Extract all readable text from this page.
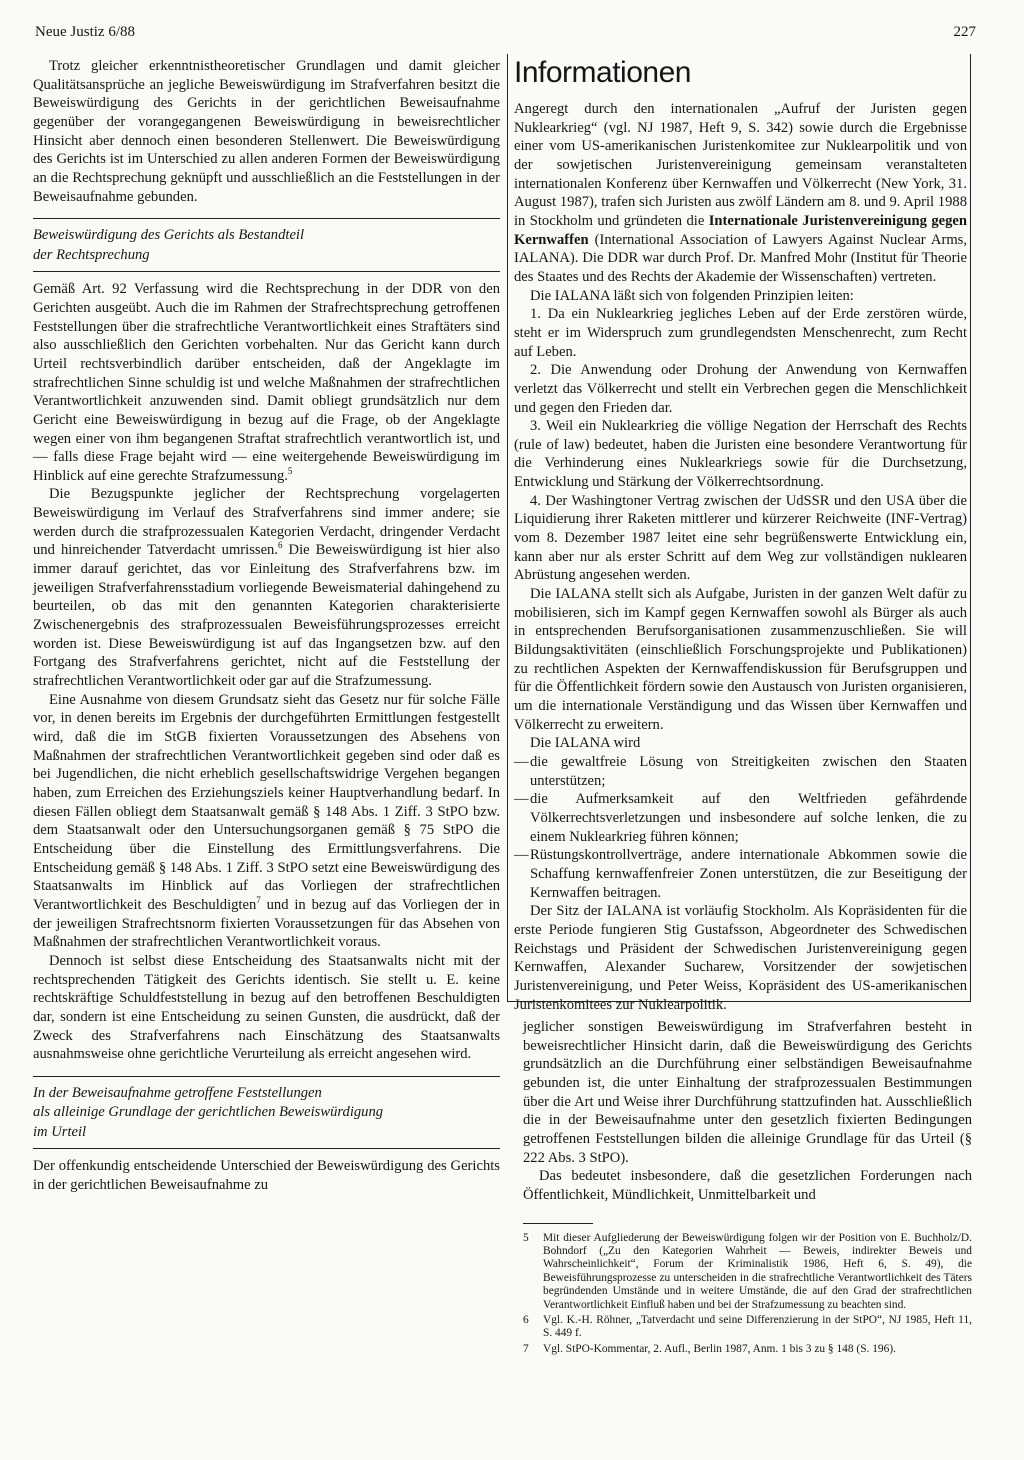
Neue Justiz 6/88	227

Trotz gleicher erkenntnistheoretischer Grundlagen und damit gleicher Qualitätsansprüche an jegliche Beweiswürdigung im Strafverfahren besitzt die Beweiswürdigung des Gerichts in der gerichtlichen Beweisaufnahme gegenüber der vorangegangenen Beweiswürdigung in beweisrechtlicher Hinsicht aber dennoch einen besonderen Stellenwert. Die Beweiswürdigung des Gerichts ist im Unterschied zu allen anderen Formen der Beweiswürdigung an die Rechtsprechung geknüpft und ausschließlich an die Feststellungen in der Beweisaufnahme gebunden.

Beweiswürdigung des Gerichts als Bestandteil
der Rechtsprechung

Gemäß Art. 92 Verfassung wird die Rechtsprechung in der DDR von den Gerichten ausgeübt. Auch die im Rahmen der Strafrechtsprechung getroffenen Feststellungen über die strafrechtliche Verantwortlichkeit eines Straftäters sind also ausschließlich den Gerichten vorbehalten. Nur das Gericht kann durch Urteil rechtsverbindlich darüber entscheiden, daß der Angeklagte im strafrechtlichen Sinne schuldig ist und welche Maßnahmen der strafrechtlichen Verantwortlichkeit anzuwenden sind. Damit obliegt grundsätzlich nur dem Gericht eine Beweiswürdigung in bezug auf die Frage, ob der Angeklagte wegen einer von ihm begangenen Straftat strafrechtlich verantwortlich ist, und — falls diese Frage bejaht wird — eine weitergehende Beweiswürdigung im Hinblick auf eine gerechte Strafzumessung.

$^5$

Die Bezugspunkte jeglicher der Rechtsprechung vorgelagerten Beweiswürdigung im Verlauf des Strafverfahrens sind immer andere; sie werden durch die strafprozessualen Kategorien Verdacht, dringender Verdacht und hinreichender Tatverdacht umrissen.$^6$ Die Beweiswürdigung ist hier also immer darauf gerichtet, das vor Einleitung des Strafverfahrens bzw. im jeweiligen Strafverfahrensstadium vorliegende Beweismaterial dahingehend zu beurteilen, ob das mit den genannten Kategorien charakterisierte Zwischenergebnis des strafprozessualen Beweisführungsprozesses erreicht worden ist. Diese Beweiswürdigung ist auf das Ingangsetzen bzw. auf den Fortgang des Strafverfahrens gerichtet, nicht auf die Feststellung der strafrechtlichen Verantwortlichkeit oder gar auf die Strafzumessung.

Eine Ausnahme von diesem Grundsatz sieht das Gesetz nur für solche Fälle vor, in denen bereits im Ergebnis der durchgeführten Ermittlungen festgestellt wird, daß die im StGB fixierten Voraussetzungen des Absehens von Maßnahmen der strafrechtlichen Verantwortlichkeit gegeben sind oder daß es bei Jugendlichen, die nicht erheblich gesellschaftswidrige Vergehen begangen haben, zum Erreichen des Erziehungsziels keiner Hauptverhandlung bedarf. In diesen Fällen obliegt dem Staatsanwalt gemäß § 148 Abs. 1 Ziff. 3 StPO bzw. dem Staatsanwalt oder den Untersuchungsorganen gemäß § 75 StPO die Entscheidung über die Einstellung des Ermittlungsverfahrens. Die Entscheidung gemäß § 148 Abs. 1 Ziff. 3 StPO setzt eine Beweiswürdigung des Staatsanwalts im Hinblick auf das Vorliegen der strafrechtlichen Verantwortlichkeit des Beschuldigten$^7$ und in bezug auf das Vorliegen der in der jeweiligen Strafrechtsnorm fixierten Voraussetzungen für das Absehen von Maßnahmen der strafrechtlichen Verantwortlichkeit voraus.

Dennoch ist selbst diese Entscheidung des Staatsanwalts nicht mit der rechtsprechenden Tätigkeit des Gerichts identisch. Sie stellt u. E. keine rechtskräftige Schuldfeststellung in bezug auf den betroffenen Beschuldigten dar, sondern ist eine Entscheidung zu seinen Gunsten, die ausdrückt, daß der Zweck des Strafverfahrens nach Einschätzung des Staatsanwalts ausnahmsweise ohne gerichtliche Verurteilung als erreicht angesehen wird.

In der Beweisaufnahme getroffene Feststellungen
als alleinige Grundlage der gerichtlichen Beweiswürdigung
im Urteil

Der offenkundig entscheidende Unterschied der Beweiswürdigung des Gerichts in der gerichtlichen Beweisaufnahme zu

Informationen

Angeregt durch den internationalen „Aufruf der Juristen gegen Nuklearkrieg“ (vgl. NJ 1987, Heft 9, S. 342) sowie durch die Ergebnisse einer vom US-amerikanischen Juristenkomitee zur Nuklearpolitik und von der sowjetischen Juristenvereinigung gemeinsam veranstalteten internationalen Konferenz über Kernwaffen und Völkerrecht (New York, 31. August 1987), trafen sich Juristen aus zwölf Ländern am 8. und 9. April 1988 in Stockholm und gründeten die Internationale Juristenvereinigung gegen Kernwaffen (International Association of Lawyers Against Nuclear Arms, IALANA). Die DDR war durch Prof. Dr. Manfred Mohr (Institut für Theorie des Staates und des Rechts der Akademie der Wissenschaften) vertreten.

Die IALANA läßt sich von folgenden Prinzipien leiten:

1. Da ein Nuklearkrieg jegliches Leben auf der Erde zerstören würde, steht er im Widerspruch zum grundlegendsten Menschenrecht, zum Recht auf Leben.

2. Die Anwendung oder Drohung der Anwendung von Kernwaffen verletzt das Völkerrecht und stellt ein Verbrechen gegen die Menschlichkeit und gegen den Frieden dar.

3. Weil ein Nuklearkrieg die völlige Negation der Herrschaft des Rechts (rule of law) bedeutet, haben die Juristen eine besondere Verantwortung für die Verhinderung eines Nuklearkriegs sowie für die Durchsetzung, Entwicklung und Stärkung der Völkerrechtsordnung.

4. Der Washingtoner Vertrag zwischen der UdSSR und den USA über die Liquidierung ihrer Raketen mittlerer und kürzerer Reichweite (INF-Vertrag) vom 8. Dezember 1987 leitet eine sehr begrüßenswerte Entwicklung ein, kann aber nur als erster Schritt auf dem Weg zur vollständigen nuklearen Abrüstung angesehen werden.

Die IALANA stellt sich als Aufgabe, Juristen in der ganzen Welt dafür zu mobilisieren, sich im Kampf gegen Kernwaffen sowohl als Bürger als auch in entsprechenden Berufsorganisationen zusammenzuschließen. Sie will Bildungsaktivitäten (einschließlich Forschungsprojekte und Publikationen) zu rechtlichen Aspekten der Kernwaffendiskussion für Berufsgruppen und für die Öffentlichkeit fördern sowie den Austausch von Juristen organisieren, um die internationale Verständigung und das Wissen über Kernwaffen und Völkerrecht zu erweitern.

Die IALANA wird

— die gewaltfreie Lösung von Streitigkeiten zwischen den Staaten unterstützen;
— die Aufmerksamkeit auf den Weltfrieden gefährdende Völkerrechtsverletzungen und insbesondere auf solche lenken, die zu einem Nuklearkrieg führen können;
— Rüstungskontrollverträge, andere internationale Abkommen sowie die Schaffung kernwaffenfreier Zonen unterstützen, die zur Beseitigung der Kernwaffen beitragen.

Der Sitz der IALANA ist vorläufig Stockholm. Als Kopräsidenten für die erste Periode fungieren Stig Gustafsson, Abgeordneter des Schwedischen Reichstags und Präsident der Schwedischen Juristenvereinigung gegen Kernwaffen, Alexander Sucharew, Vorsitzender der sowjetischen Juristenvereinigung, und Peter Weiss, Kopräsident des US-amerikanischen Juristenkomitees zur Nuklearpolitik.

jeglicher sonstigen Beweiswürdigung im Strafverfahren besteht in beweisrechtlicher Hinsicht darin, daß die Beweiswürdigung des Gerichts grundsätzlich an die Durchführung einer selbständigen Beweisaufnahme gebunden ist, die unter Einhaltung der strafprozessualen Bestimmungen über die Art und Weise ihrer Durchführung stattzufinden hat. Ausschließlich die in der Beweisaufnahme unter den gesetzlich fixierten Bedingungen getroffenen Feststellungen bilden die alleinige Grundlage für das Urteil (§ 222 Abs. 3 StPO).

Das bedeutet insbesondere, daß die gesetzlichen Forderungen nach Öffentlichkeit, Mündlichkeit, Unmittelbarkeit und

5	Mit dieser Aufgliederung der Beweiswürdigung folgen wir der Position von E. Buchholz/D. Bohndorf („Zu den Kategorien Wahrheit — Beweis, indirekter Beweis und Wahrscheinlichkeit“, Forum der Kriminalistik 1986, Heft 6, S. 49), die Beweisführungsprozesse zu unterscheiden in die strafrechtliche Verantwortlichkeit des Täters begründenden Umstände und in weitere Umstände, die auf den Grad der strafrechtlichen Verantwortlichkeit Einfluß haben und bei der Strafzumessung zu beachten sind.
6	Vgl. K.-H. Röhner, „Tatverdacht und seine Differenzierung in der StPO“, NJ 1985, Heft 11, S. 449 f.
7	Vgl. StPO-Kommentar, 2. Aufl., Berlin 1987, Anm. 1 bis 3 zu § 148 (S. 196).
